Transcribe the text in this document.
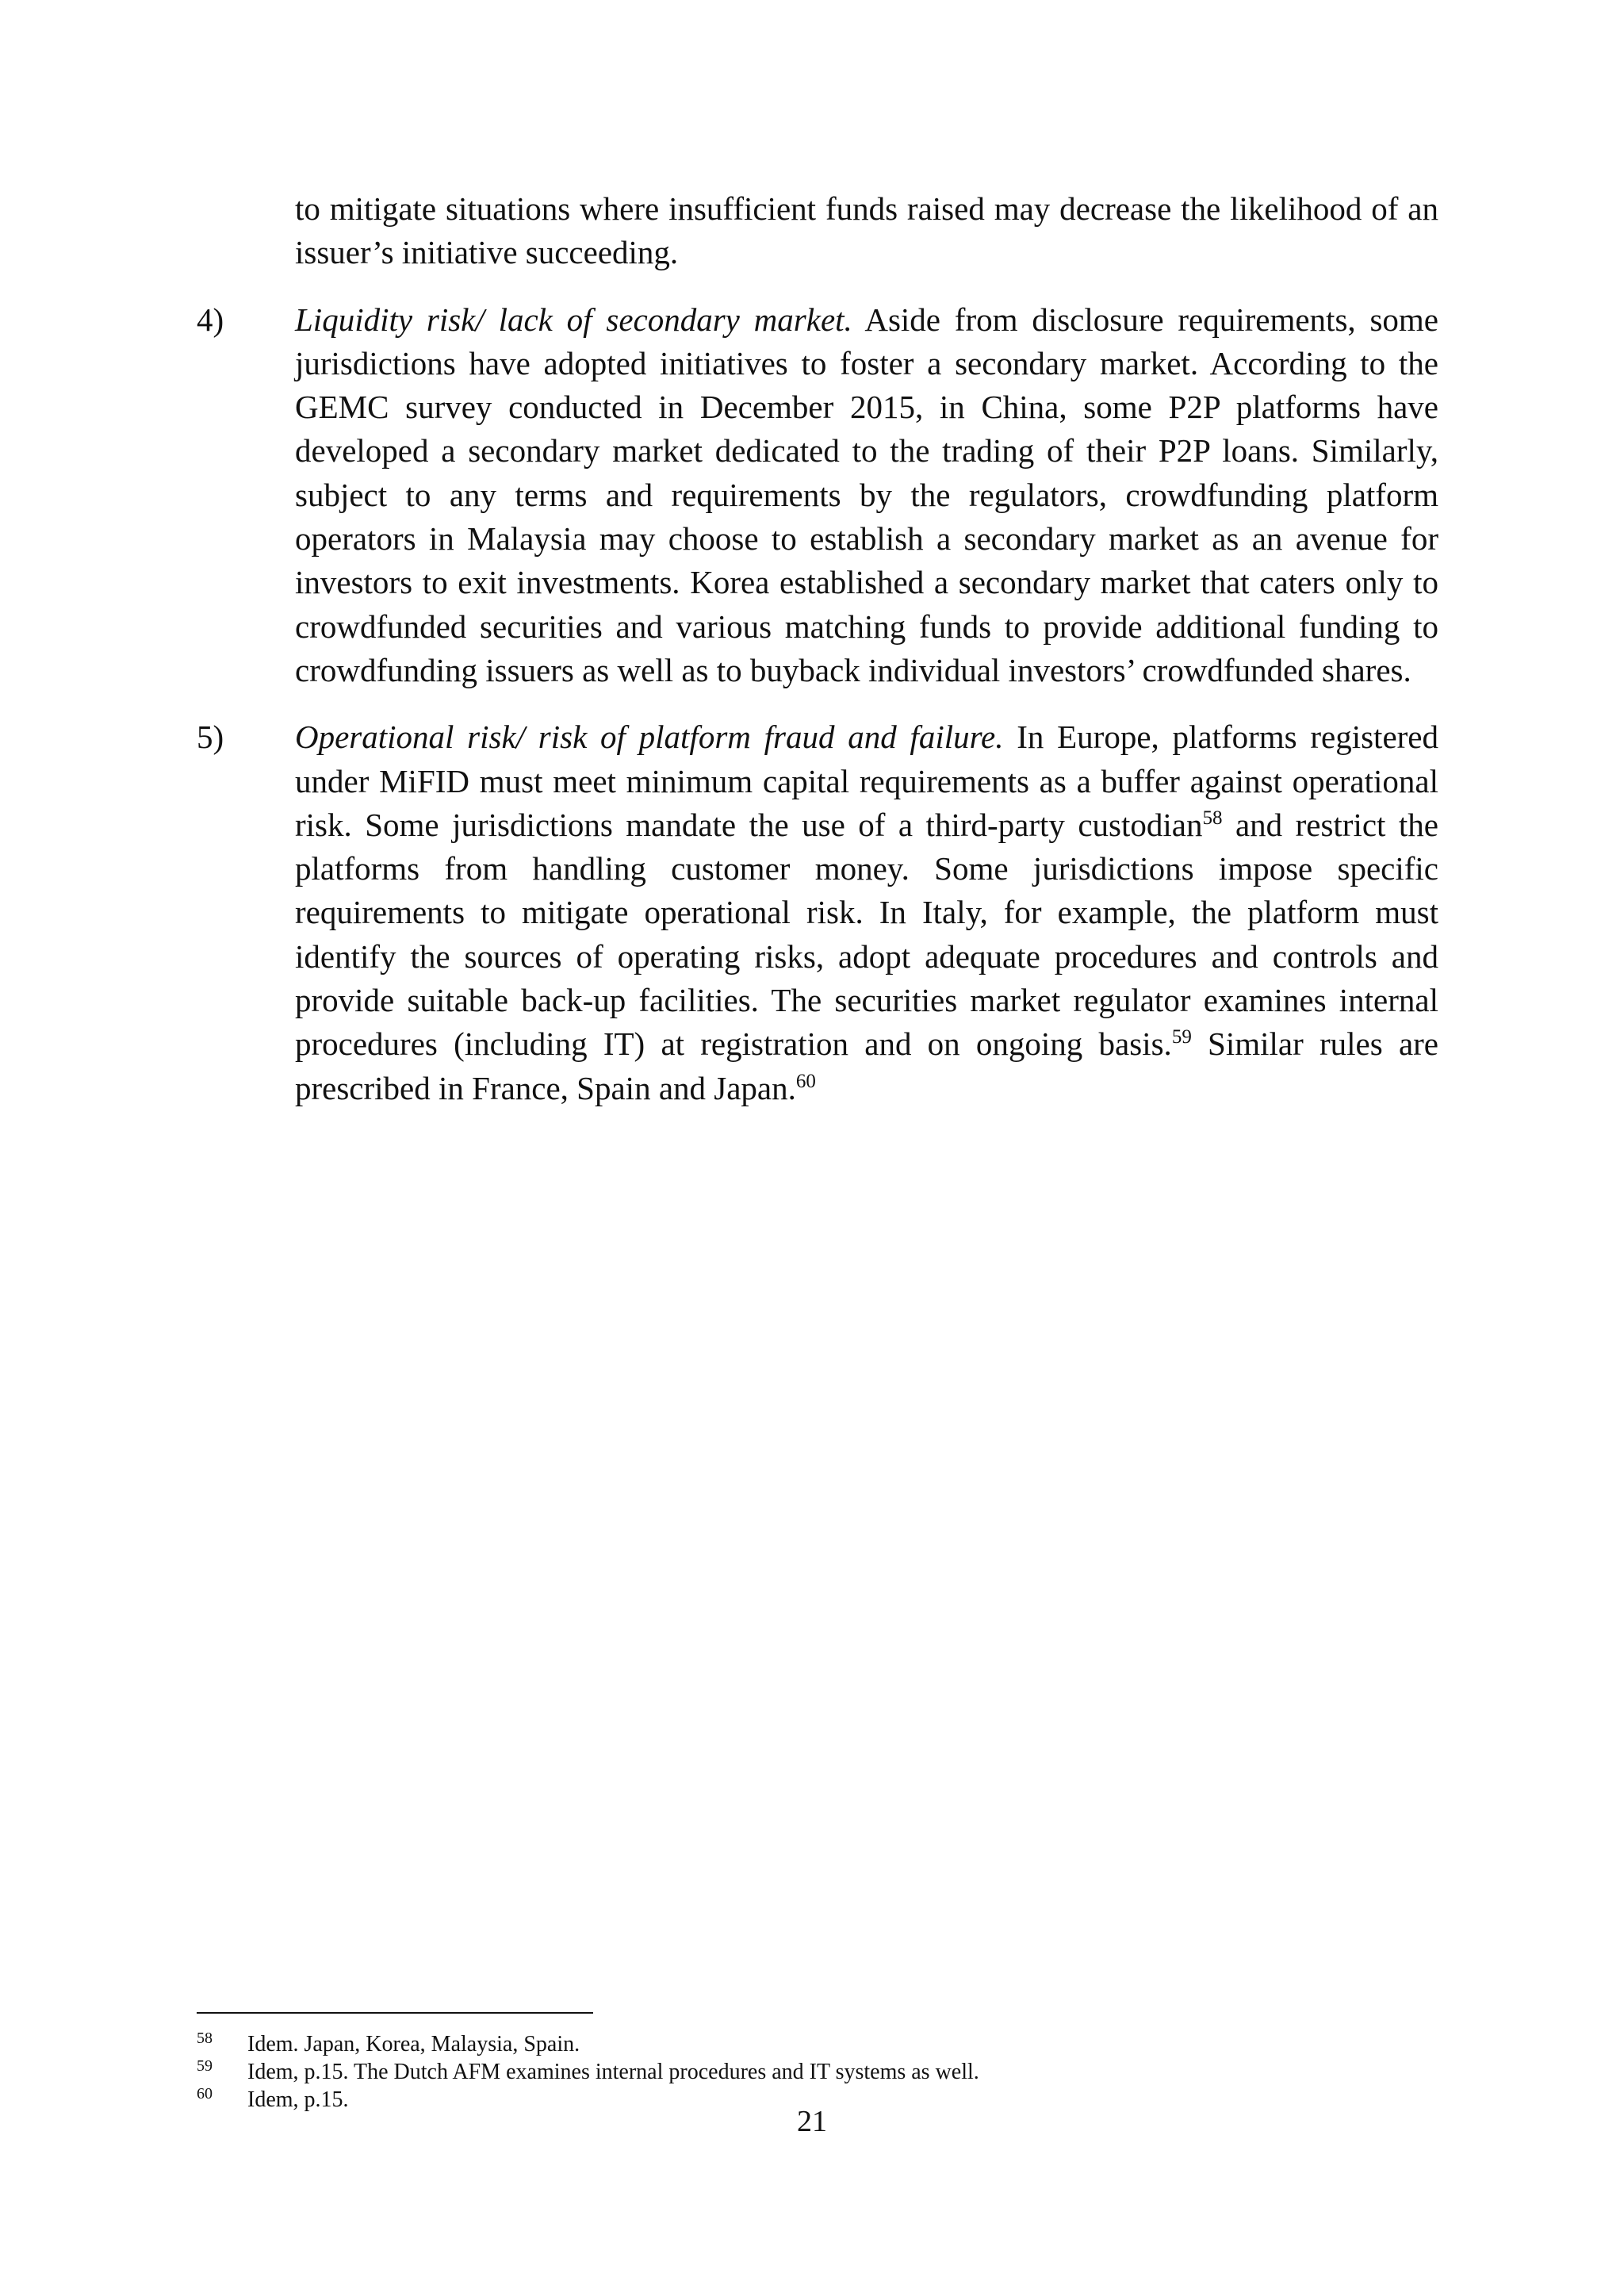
to mitigate situations where insufficient funds raised may decrease the likelihood of an issuer’s initiative succeeding.

4) Liquidity risk/ lack of secondary market. Aside from disclosure requirements, some jurisdictions have adopted initiatives to foster a secondary market. According to the GEMC survey conducted in December 2015, in China, some P2P platforms have developed a secondary market dedicated to the trading of their P2P loans. Similarly, subject to any terms and requirements by the regulators, crowdfunding platform operators in Malaysia may choose to establish a secondary market as an avenue for investors to exit investments. Korea established a secondary market that caters only to crowdfunded securities and various matching funds to provide additional funding to crowdfunding issuers as well as to buyback individual investors’ crowdfunded shares.
5) Operational risk/ risk of platform fraud and failure. In Europe, platforms registered under MiFID must meet minimum capital requirements as a buffer against operational risk. Some jurisdictions mandate the use of a third-party custodian$^{58}$ and restrict the platforms from handling customer money. Some jurisdictions impose specific requirements to mitigate operational risk. In Italy, for example, the platform must identify the sources of operating risks, adopt adequate procedures and controls and provide suitable back-up facilities. The securities market regulator examines internal procedures (including IT) at registration and on ongoing basis.$^{59}$ Similar rules are prescribed in France, Spain and Japan.$^{60}$
58 Idem. Japan, Korea, Malaysia, Spain.
59 Idem, p.15. The Dutch AFM examines internal procedures and IT systems as well.
60 Idem, p.15.
21
